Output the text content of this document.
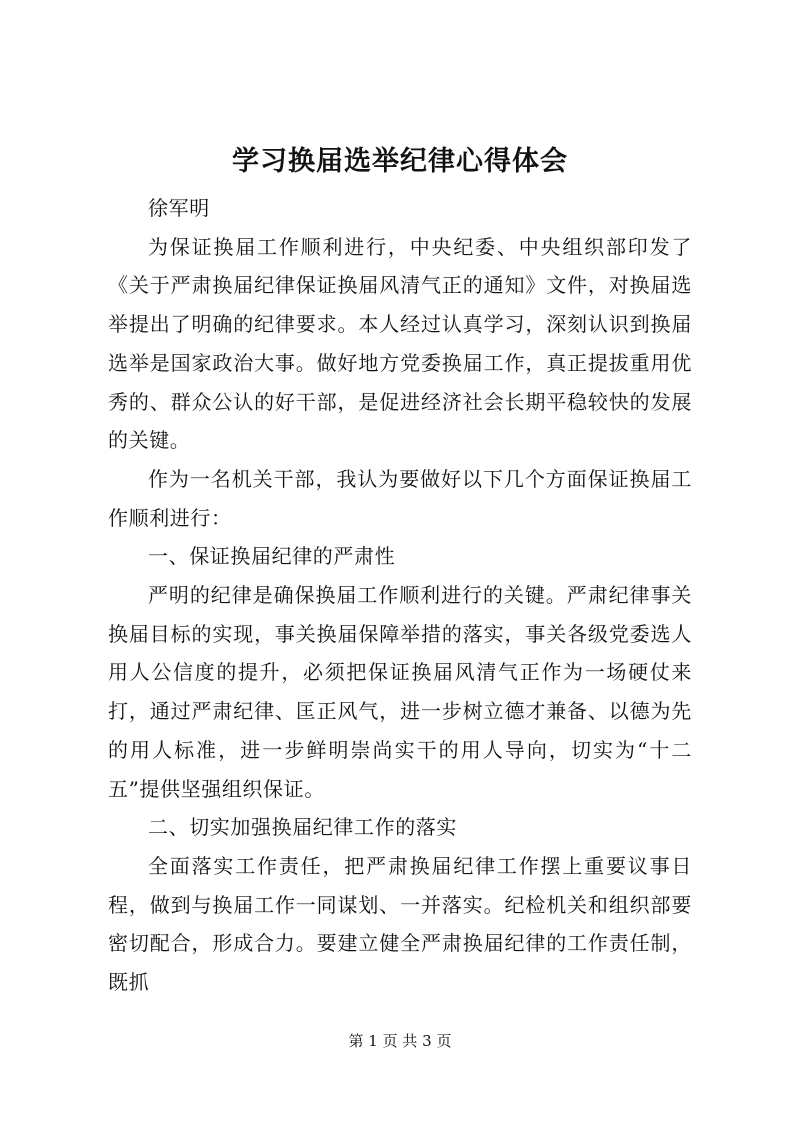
学习换届选举纪律心得体会

徐军明

为保证换届工作顺利进行，中央纪委、中央组织部印发了《关于严肃换届纪律保证换届风清气正的通知》文件，对换届选举提出了明确的纪律要求。本人经过认真学习，深刻认识到换届选举是国家政治大事。做好地方党委换届工作，真正提拔重用优秀的、群众公认的好干部，是促进经济社会长期平稳较快的发展的关键。

作为一名机关干部，我认为要做好以下几个方面保证换届工作顺利进行：

一、保证换届纪律的严肃性

严明的纪律是确保换届工作顺利进行的关键。严肃纪律事关换届目标的实现，事关换届保障举措的落实，事关各级党委选人用人公信度的提升，必须把保证换届风清气正作为一场硬仗来打，通过严肃纪律、匡正风气，进一步树立德才兼备、以德为先的用人标准，进一步鲜明崇尚实干的用人导向，切实为“十二五”提供坚强组织保证。

二、切实加强换届纪律工作的落实

全面落实工作责任，把严肃换届纪律工作摆上重要议事日程，做到与换届工作一同谋划、一并落实。纪检机关和组织部要密切配合，形成合力。要建立健全严肃换届纪律的工作责任制，既抓

第 1 页 共 3 页
